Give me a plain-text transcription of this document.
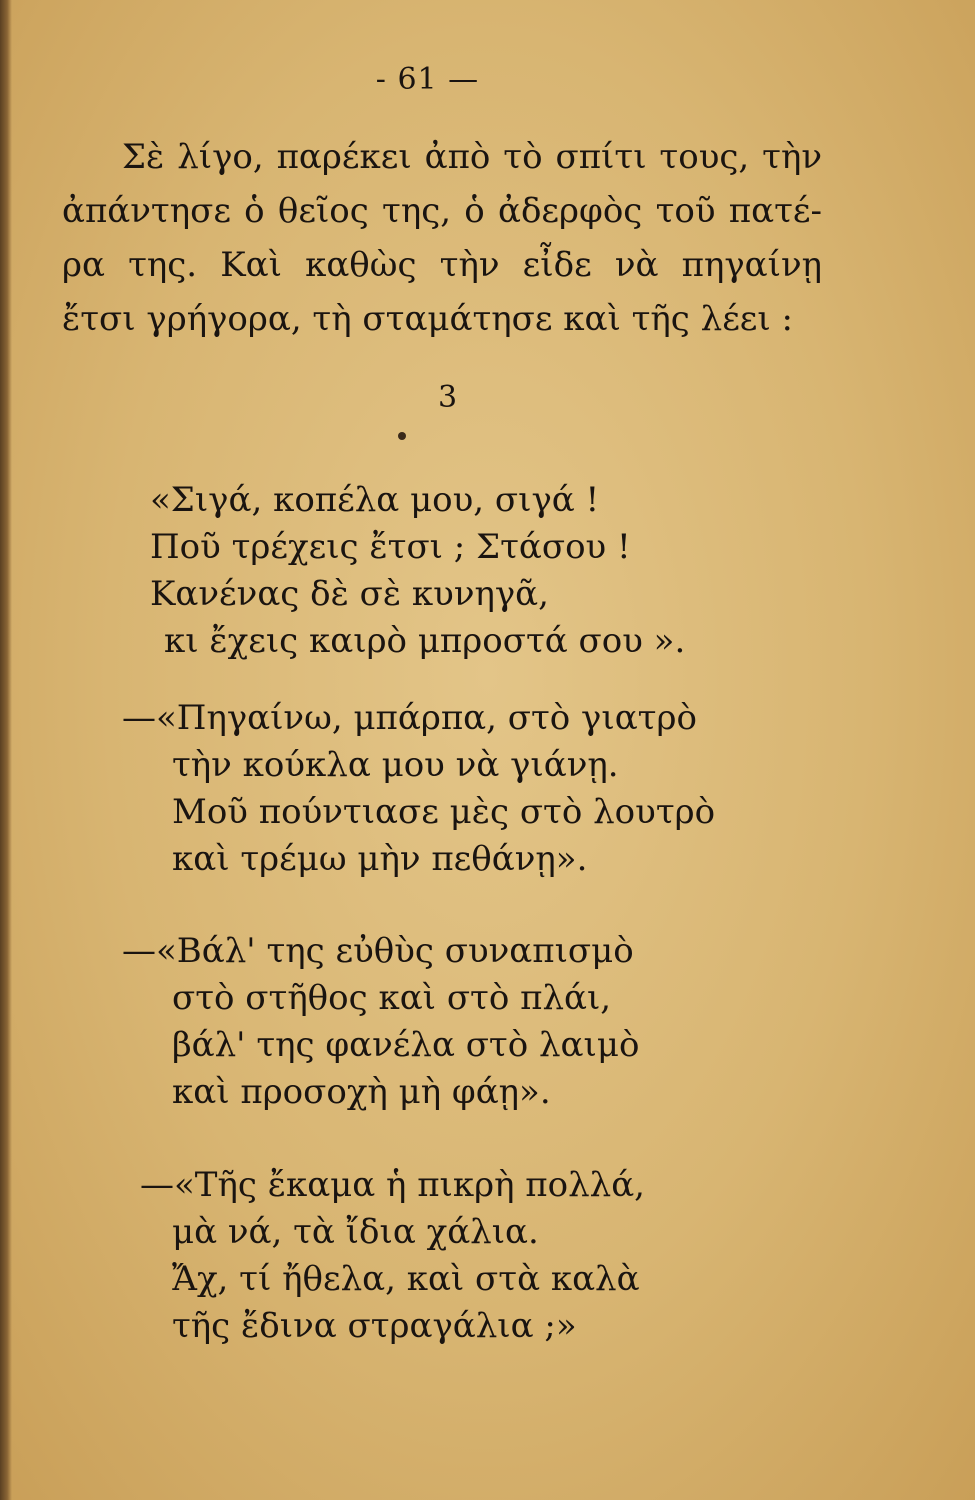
- 61 —
Σὲ λίγο, παρέκει ἀπὸ τὸ σπίτι τους, τὴν
ἀπάντησε ὁ θεῖος της, ὁ ἀδερφὸς τοῦ πατέ-
ρα της. Καὶ καθὼς τὴν εἶδε νὰ πηγαίνῃ
ἔτσι γρήγορα, τὴ σταμάτησε καὶ τῆς λέει :
3
«Σιγά, κοπέλα μου, σιγά !
Ποῦ τρέχεις ἔτσι ; Στάσου !
Κανένας δὲ σὲ κυνηγᾶ,
κι ἔχεις καιρὸ μπροστά σου ».
—«Πηγαίνω, μπάρπα, στὸ γιατρὸ
τὴν κούκλα μου νὰ γιάνῃ.
Μοῦ πούντιασε μὲς στὸ λουτρὸ
καὶ τρέμω μὴν πεθάνῃ».
—«Βάλ' της εὐθὺς συναπισμὸ
στὸ στῆθος καὶ στὸ πλάι,
βάλ' της φανέλα στὸ λαιμὸ
καὶ προσοχὴ μὴ φάῃ».
—«Τῆς ἔκαμα ἡ πικρὴ πολλά,
μὰ νά, τὰ ἴδια χάλια.
Ἄχ, τί ἤθελα, καὶ στὰ καλὰ
τῆς ἔδινα στραγάλια ;»
